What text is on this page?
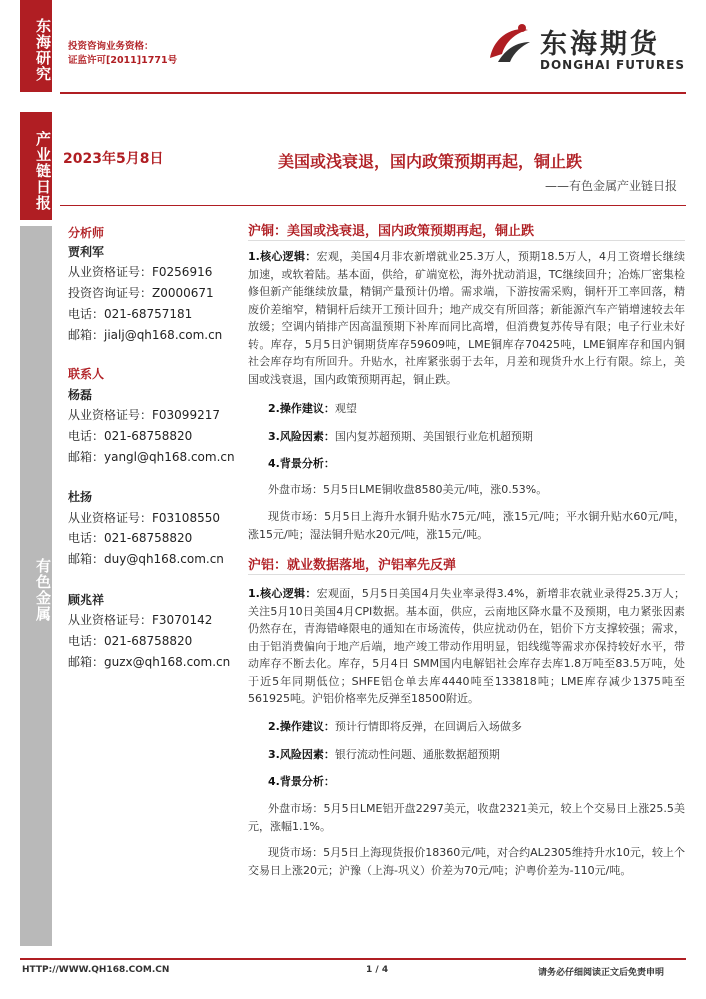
东海研究
产业链日报
有色金属
投资咨询业务资格：
证监许可[2011]1771号
东海期货
DONGHAI FUTURES
2023年5月8日	美国或浅衰退，国内政策预期再起，铜止跌
——有色金属产业链日报
分析师
贾利军
从业资格证号：F0256916
投资咨询证号：Z0000671
电话：021-68757181
邮箱：jialj@qh168.com.cn
联系人
杨磊
从业资格证号：F03099217
电话：021-68758820
邮箱：yangl@qh168.com.cn
杜扬
从业资格证号：F03108550
电话：021-68758820
邮箱：duy@qh168.com.cn
顾兆祥
从业资格证号：F3070142
电话：021-68758820
邮箱：guzx@qh168.com.cn
沪铜：美国或浅衰退，国内政策预期再起，铜止跌
1.核心逻辑：宏观，美国4月非农新增就业25.3万人，预期18.5万人，4月工资增长继续加速，或软着陆。基本面，供给，矿端宽松，海外扰动消退，TC继续回升；冶炼厂密集检修但新产能继续放量，精铜产量预计仍增。需求端，下游按需采购，铜杆开工率回落，精废价差缩窄，精铜杆后续开工预计回升；地产成交有所回落；新能源汽车产销增速较去年放缓；空调内销排产因高温预期下补库而同比高增，但消费复苏传导有限；电子行业未好转。库存，5月5日沪铜期货库存59609吨，LME铜库存70425吨，LME铜库存和国内铜社会库存均有所回升。升贴水，社库紧张弱于去年，月差和现货升水上行有限。综上，美国或浅衰退，国内政策预期再起，铜止跌。
2.操作建议：观望
3.风险因素：国内复苏超预期、美国银行业危机超预期
4.背景分析：
外盘市场：5月5日LME铜收盘8580美元/吨，涨0.53%。
现货市场：5月5日上海升水铜升贴水75元/吨，涨15元/吨；平水铜升贴水60元/吨，涨15元/吨；湿法铜升贴水20元/吨，涨15元/吨。
沪铝：就业数据落地，沪铝率先反弹
1.核心逻辑：宏观面，5月5日美国4月失业率录得3.4%，新增非农就业录得25.3万人；关注5月10日美国4月CPI数据。基本面，供应，云南地区降水量不及预期，电力紧张因素仍然存在，青海错峰限电的通知在市场流传，供应扰动仍在，铝价下方支撑较强；需求，由于铝消费偏向于地产后端，地产竣工带动作用明显，铝线缆等需求亦保持较好水平，带动库存不断去化。库存，5月4日 SMM国内电解铝社会库存去库1.8万吨至83.5万吨，处于近5年同期低位；SHFE铝仓单去库4440吨至133818吨；LME库存减少1375吨至561925吨。沪铝价格率先反弹至18500附近。
2.操作建议：预计行情即将反弹，在回调后入场做多
3.风险因素：银行流动性问题、通胀数据超预期
4.背景分析：
外盘市场：5月5日LME铝开盘2297美元，收盘2321美元，较上个交易日上涨25.5美元，涨幅1.1%。
现货市场：5月5日上海现货报价18360元/吨，对合约AL2305维持升水10元，较上个交易日上涨20元；沪豫（上海-巩义）价差为70元/吨；沪粤价差为-110元/吨。
HTTP://WWW.QH168.COM.CN	1 / 4	请务必仔细阅读正文后免责申明
